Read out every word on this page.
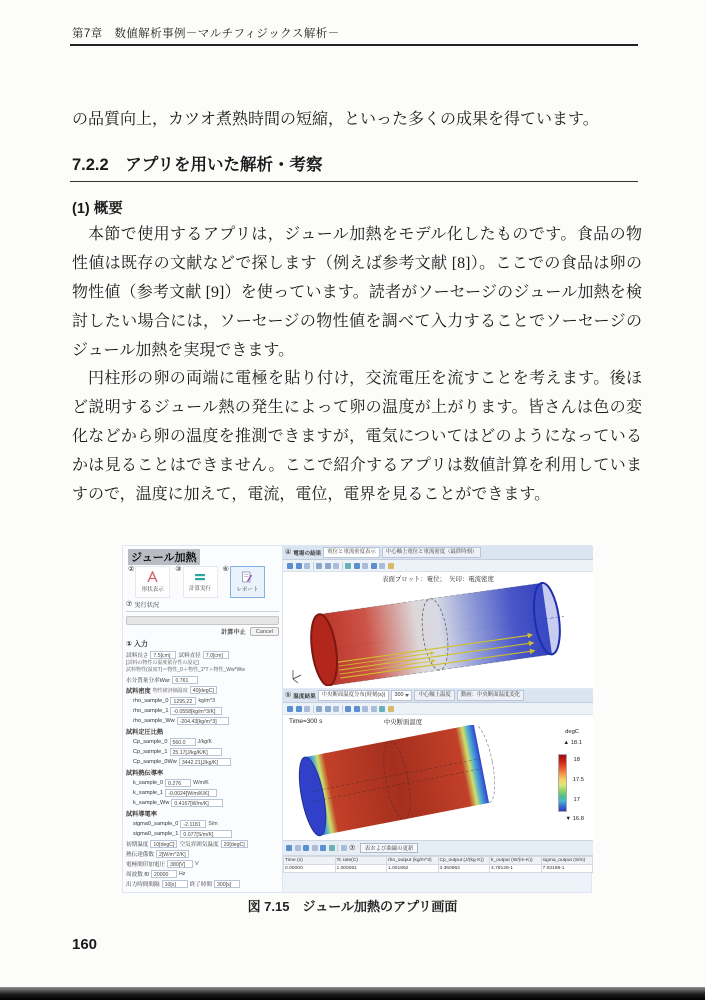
第7章　数値解析事例－マルチフィジックス解析－

の品質向上，カツオ煮熟時間の短縮，といった多くの成果を得ています。

7.2.2　アプリを用いた解析・考察
(1) 概要

本節で使用するアプリは，ジュール加熱をモデル化したものです。食品の物性値は既存の文献などで探します（例えば参考文献 [8]）。ここでの食品は卵の物性値（参考文献 [9]）を使っています。読者がソーセージのジュール加熱を検討したい場合には，ソーセージの物性値を調べて入力することでソーセージのジュール加熱を実現できます。

円柱形の卵の両端に電極を貼り付け，交流電圧を流すことを考えます。後ほど説明するジュール熱の発生によって卵の温度が上がります。皆さんは色の変化などから卵の温度を推測できますが，電気についてはどのようになっているかは見ることはできません。ここで紹介するアプリは数値計算を利用していますので，温度に加えて，電流，電位，電界を見ることができます。

ジュール加熱
②
形状表示
③
計算実行
⑥
レポート
⑦ 実行状況
計算中止	Cancel
① 入力
試料長さ 7.5[cm]	試料直径 7.0[cm]
[試料の物性の温度依存性の設定]
試料物性(温度T)＝物性_0＋物性_1*T＋物性_Ww*Ww
水分質量分率Ww: 0.761
試料密度 物性値評価温度 40[degC]
rho_sample_0 1295.22	kg/m^3
rho_sample_1 -0.0558[kg/m^3/K]
rho_sample_Ww -204.43[kg/m^3]
試料定圧比熱
Cp_sample_0 560.0	J/kg/K
Cp_sample_1 25.17[J/kg/K/K]
Cp_sample_0Ww 3442.21[J/kg/K]
試料熱伝導率
k_sample_0 0.276	W/m/K
k_sample_1 -0.0024[W/m/K/K]
k_sample_Ww 0.4167[W/m/K]
試料導電率
sigma0_sample_0 -2.1181	S/m
sigma0_sample_1 0.077[S/m/K]
初期温度 10[degC] 空気雰囲気温度 20[degC]
熱伝達係数 2[W/m^2/K]
電極間印加電圧 380[V]	V
周波数 f0 20000	Hz
出力時間間隔 10[s]	終了時間 300[s]
④ 電場の結果	電位と電流密度表示	中心軸上電位と電流密度（最終時刻）
表面プロット：電位；　矢印：電流密度
⑤ 温度結果	中央断面温度分布(時刻(s))	300	中心軸上温度	動画：中央断面温度変化
Time=300 s	中央断面温度
degC
▲ 18.1
18
17.5
17
▼ 16.8
⑦	表および曲線の更新
Time (s)	Tc rate(C)	rho_output (kg/m^3)	Cp_output (J/(kg·K))	k_output (W/(m·K))	sigma_output (S/m)
0.00000	1.000061	1.001862	3.360963	4.79128-1	7.03198-1
図 7.15　ジュール加熱のアプリ画面
160
